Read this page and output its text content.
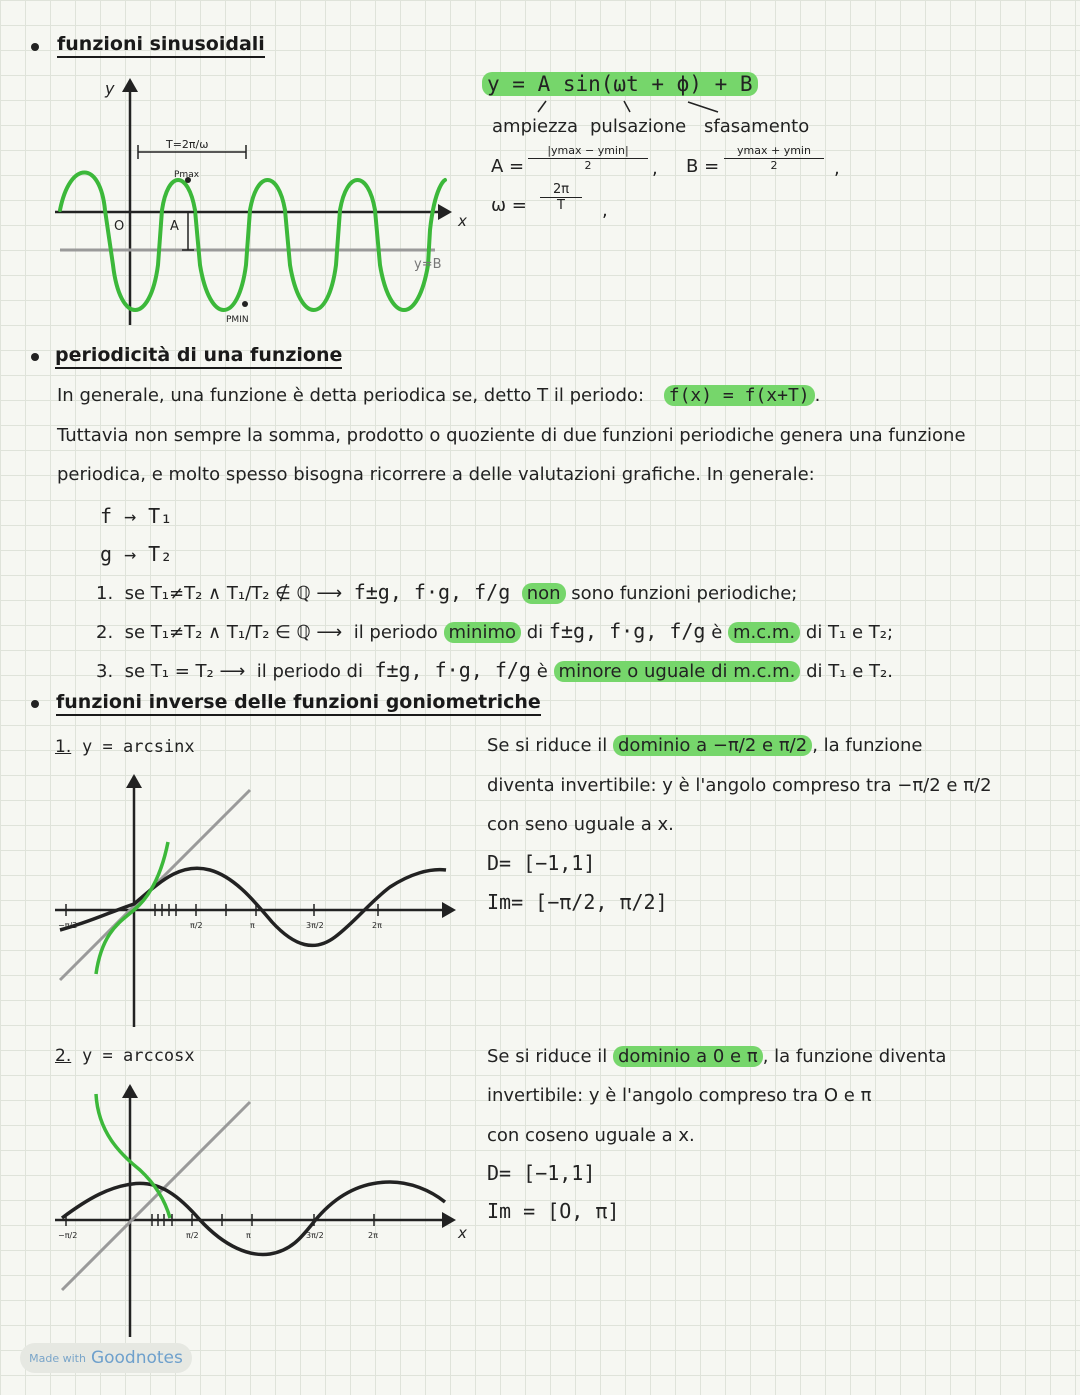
funzioni sinusoidali
y
x
O
T=2π/ω
Pmax
A
PMIN
y=B
y = A sin(ωt + ϕ) + B
ampiezza pulsazione sfasamento
A =
|ymax − ymin|
2	, B =
ymax + ymin
2	,
ω =
2π
T	,
periodicità di una funzione
In generale, una funzione è detta periodica se, detto T il periodo: f(x) = f(x+T) .
Tuttavia non sempre la somma, prodotto o quoziente di due funzioni periodiche genera una funzione
periodica, e molto spesso bisogna ricorrere a delle valutazioni grafiche. In generale:
f → T₁
g → T₂
1. se T₁≠T₂ ∧ T₁/T₂ ∉ ℚ ⟶ f±g, f·g, f/g non sono funzioni periodiche;
2. se T₁≠T₂ ∧ T₁/T₂ ∈ ℚ ⟶ il periodo minimo di f±g, f·g, f/g è m.c.m. di T₁ e T₂;
3. se T₁ = T₂ ⟶ il periodo di f±g, f·g, f/g è minore o uguale di m.c.m. di T₁ e T₂.
funzioni inverse delle funzioni goniometriche
1. y = arcsinx
−π/2	π/2	π	3π/2	2π
Se si riduce il dominio a −π/2 e π/2 , la funzione
diventa invertibile: y è l'angolo compreso tra −π/2 e π/2
con seno uguale a x.
D= [−1,1]
Im= [−π/2, π/2]
2. y = arccosx
−π/2	π/2	π	3π/2	2π	x
Se si riduce il dominio a 0 e π , la funzione diventa
invertibile: y è l'angolo compreso tra O e π
con coseno uguale a x.
D= [−1,1]
Im = [O, π]
Made with Goodnotes
